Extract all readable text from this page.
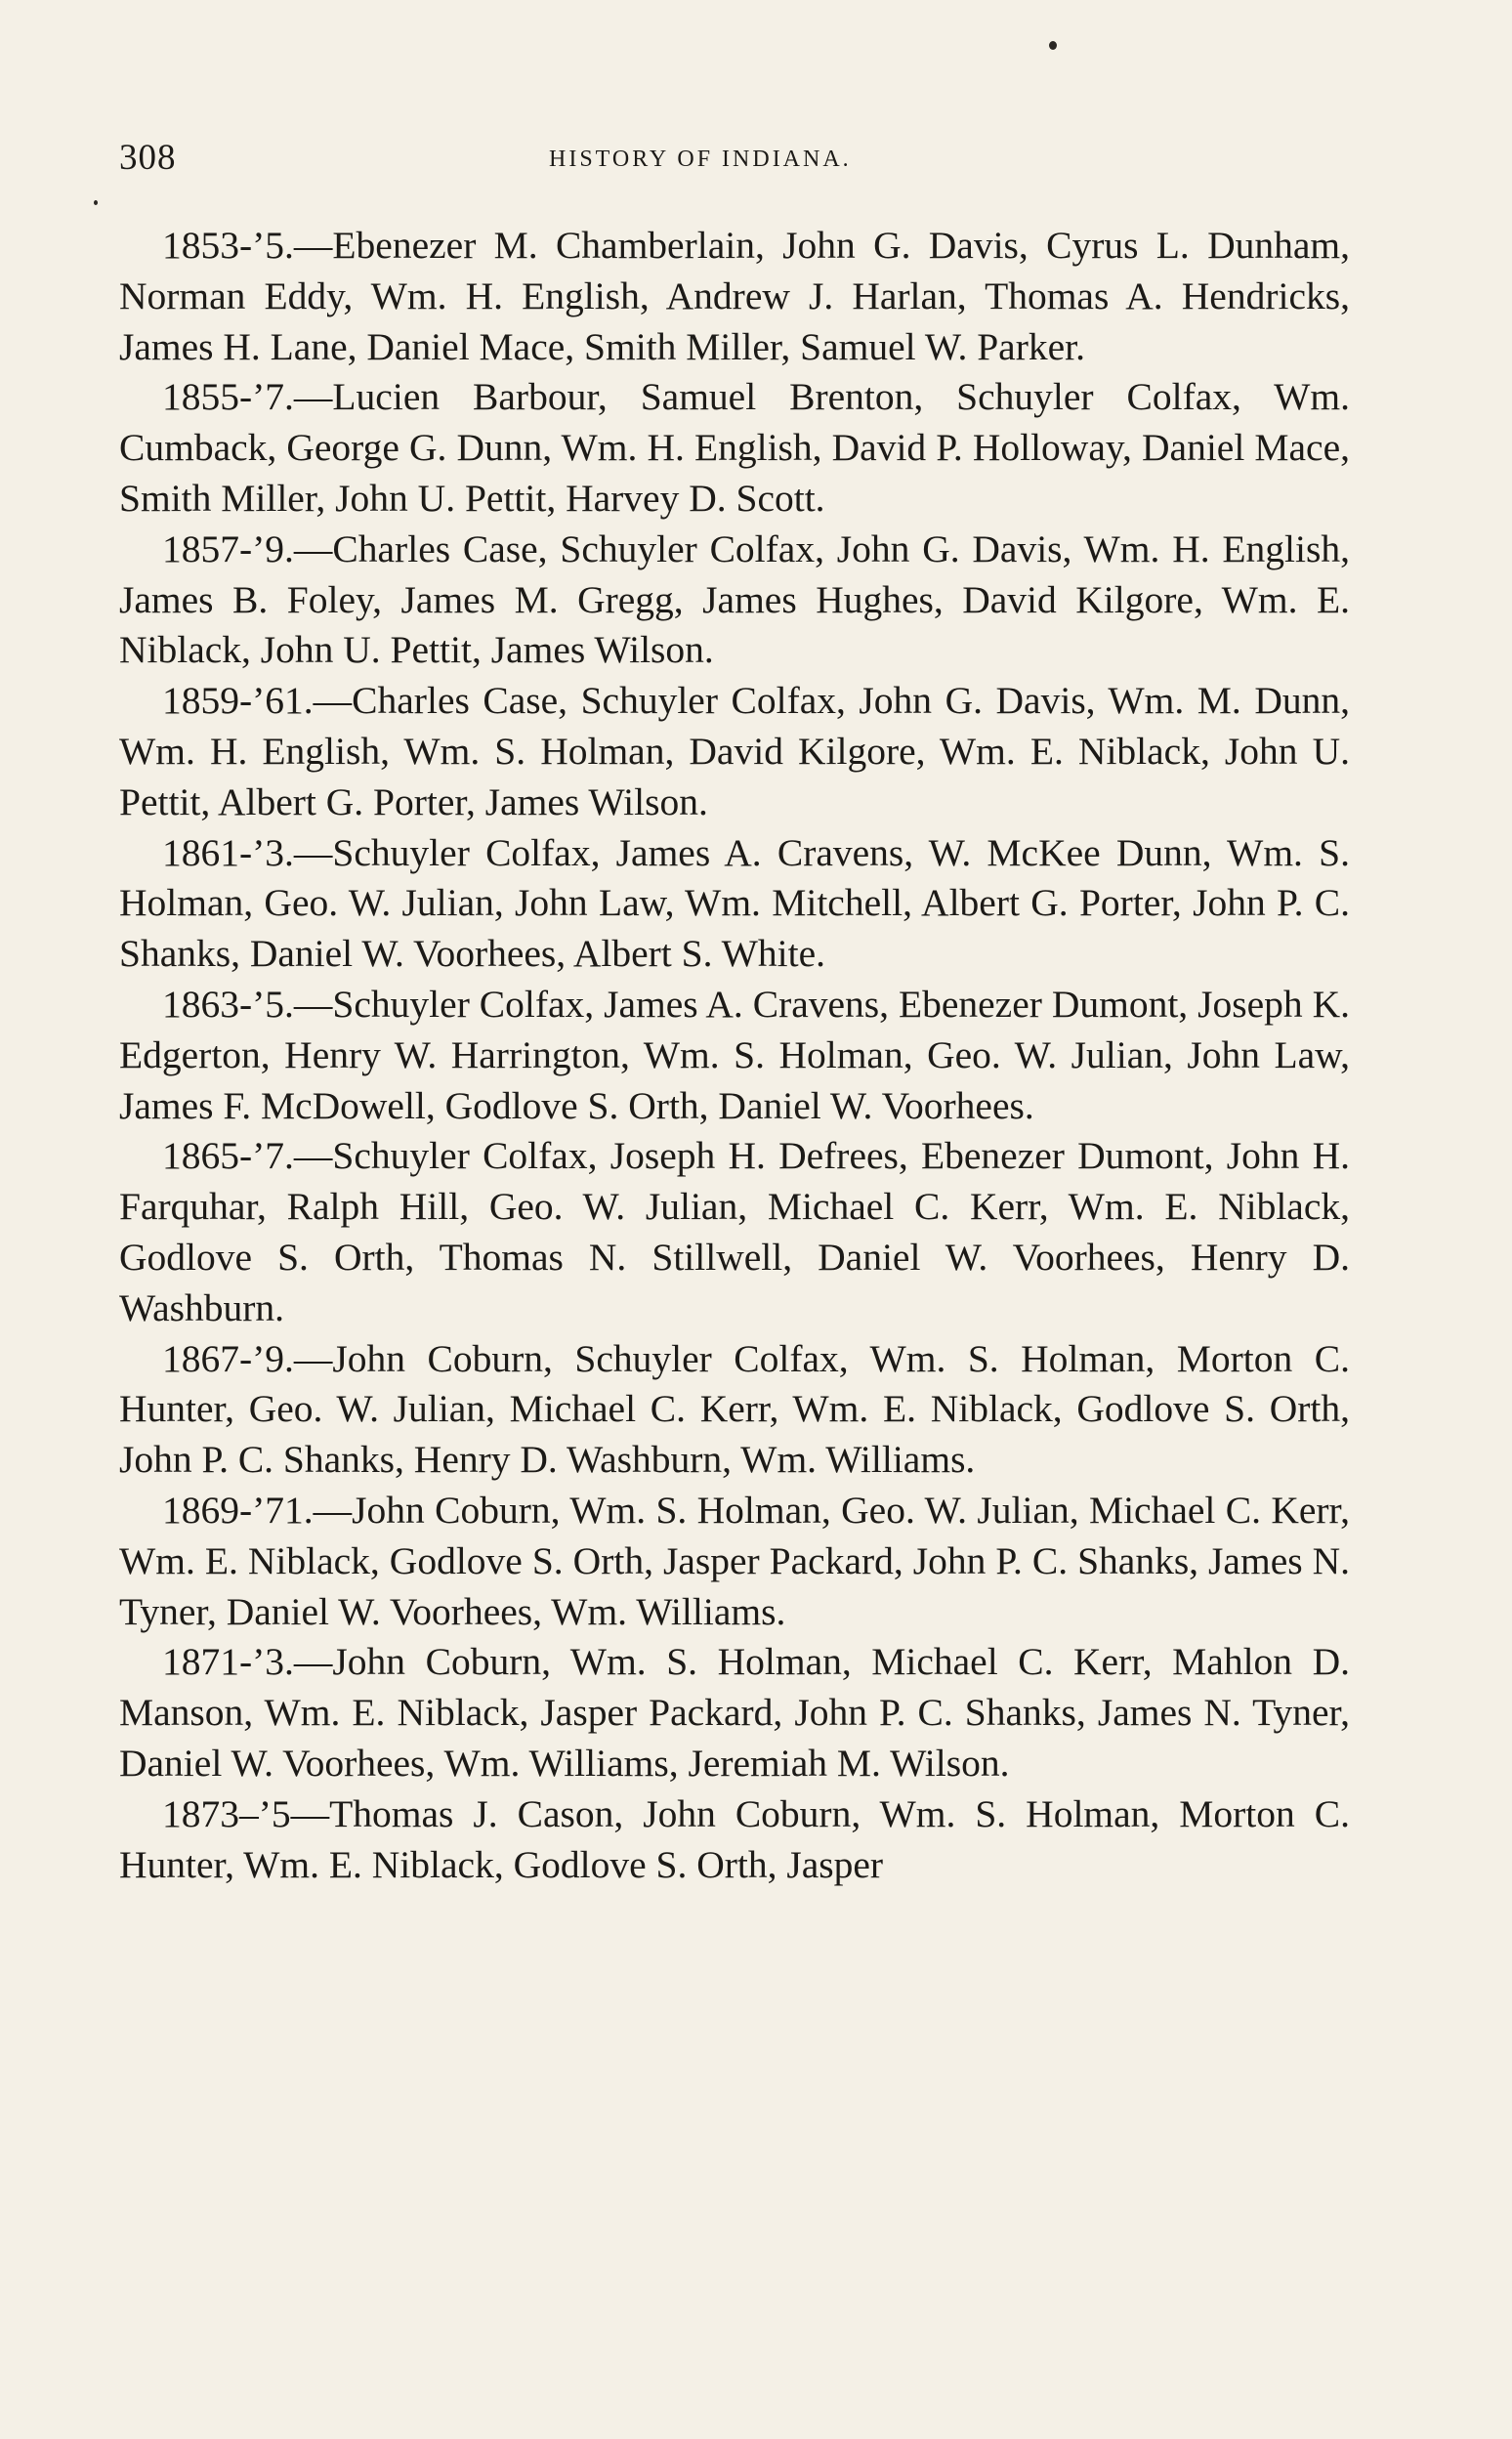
308	HISTORY OF INDIANA.

1853-’5.—Ebenezer M. Chamberlain, John G. Davis, Cyrus L. Dunham, Norman Eddy, Wm. H. English, Andrew J. Harlan, Thomas A. Hendricks, James H. Lane, Daniel Mace, Smith Miller, Samuel W. Parker.

1855-’7.—Lucien Barbour, Samuel Brenton, Schuyler Colfax, Wm. Cumback, George G. Dunn, Wm. H. English, David P. Holloway, Daniel Mace, Smith Miller, John U. Pettit, Harvey D. Scott.

1857-’9.—Charles Case, Schuyler Colfax, John G. Davis, Wm. H. English, James B. Foley, James M. Gregg, James Hughes, David Kilgore, Wm. E. Niblack, John U. Pettit, James Wilson.

1859-’61.—Charles Case, Schuyler Colfax, John G. Davis, Wm. M. Dunn, Wm. H. English, Wm. S. Holman, David Kilgore, Wm. E. Niblack, John U. Pettit, Albert G. Porter, James Wilson.

1861-’3.—Schuyler Colfax, James A. Cravens, W. McKee Dunn, Wm. S. Holman, Geo. W. Julian, John Law, Wm. Mitchell, Albert G. Porter, John P. C. Shanks, Daniel W. Voorhees, Albert S. White.

1863-’5.—Schuyler Colfax, James A. Cravens, Ebenezer Dumont, Joseph K. Edgerton, Henry W. Harrington, Wm. S. Holman, Geo. W. Julian, John Law, James F. McDowell, Godlove S. Orth, Daniel W. Voorhees.

1865-’7.—Schuyler Colfax, Joseph H. Defrees, Ebenezer Dumont, John H. Farquhar, Ralph Hill, Geo. W. Julian, Michael C. Kerr, Wm. E. Niblack, Godlove S. Orth, Thomas N. Stillwell, Daniel W. Voorhees, Henry D. Washburn.

1867-’9.—John Coburn, Schuyler Colfax, Wm. S. Holman, Morton C. Hunter, Geo. W. Julian, Michael C. Kerr, Wm. E. Niblack, Godlove S. Orth, John P. C. Shanks, Henry D. Washburn, Wm. Williams.

1869-’71.—John Coburn, Wm. S. Holman, Geo. W. Julian, Michael C. Kerr, Wm. E. Niblack, Godlove S. Orth, Jasper Packard, John P. C. Shanks, James N. Tyner, Daniel W. Voorhees, Wm. Williams.

1871-’3.—John Coburn, Wm. S. Holman, Michael C. Kerr, Mahlon D. Manson, Wm. E. Niblack, Jasper Packard, John P. C. Shanks, James N. Tyner, Daniel W. Voorhees, Wm. Williams, Jeremiah M. Wilson.

1873–’5—Thomas J. Cason, John Coburn, Wm. S. Holman, Morton C. Hunter, Wm. E. Niblack, Godlove S. Orth, Jasper
